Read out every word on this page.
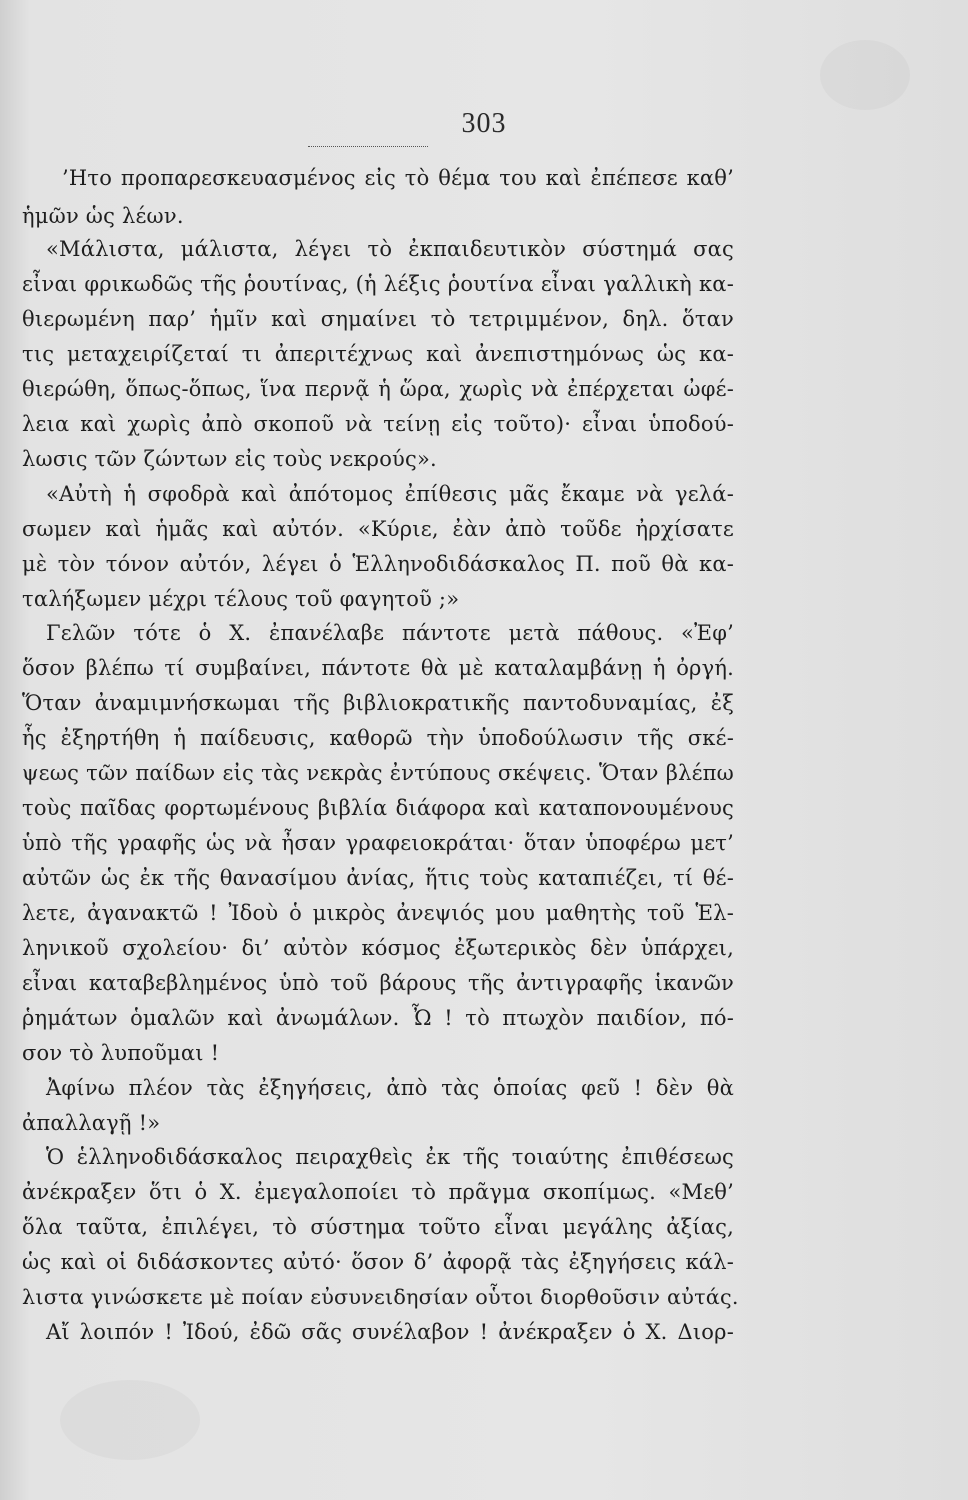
303
’Ητο προπαρεσκευασμένος εἰς τὸ θέμα του καὶ ἐπέπεσε καθ’
ἡμῶν ὡς λέων.
«Μάλιστα, μάλιστα, λέγει τὸ ἐκπαιδευτικὸν σύστημά σας
εἶναι φρικωδῶς τῆς ῥουτίνας, (ἡ λέξις ῥουτίνα εἶναι γαλλικὴ κα-
θιερωμένη παρ’ ἡμῖν καὶ σημαίνει τὸ τετριμμένον, δηλ. ὅταν
τις μεταχειρίζεταί τι ἀπεριτέχνως καὶ ἀνεπιστημόνως ὡς κα-
θιερώθη, ὅπως-ὅπως, ἵνα περνᾷ ἡ ὥρα, χωρὶς νὰ ἐπέρχεται ὠφέ-
λεια καὶ χωρὶς ἀπὸ σκοποῦ νὰ τείνῃ εἰς τοῦτο)· εἶναι ὑποδού-
λωσις τῶν ζώντων εἰς τοὺς νεκρούς».
«Αὐτὴ ἡ σφοδρὰ καὶ ἀπότομος ἐπίθεσις μᾶς ἔκαμε νὰ γελά-
σωμεν καὶ ἡμᾶς καὶ αὐτόν. «Κύριε, ἐὰν ἀπὸ τοῦδε ἠρχίσατε
μὲ τὸν τόνον αὐτόν, λέγει ὁ Ἑλληνοδιδάσκαλος Π. ποῦ θὰ κα-
ταλήξωμεν μέχρι τέλους τοῦ φαγητοῦ ;»
Γελῶν τότε ὁ Χ. ἐπανέλαβε πάντοτε μετὰ πάθους. «Ἐφ’
ὅσον βλέπω τί συμβαίνει, πάντοτε θὰ μὲ καταλαμβάνῃ ἡ ὀργή.
Ὅταν ἀναμιμνήσκωμαι τῆς βιβλιοκρατικῆς παντοδυναμίας, ἐξ
ἧς ἐξηρτήθη ἡ παίδευσις, καθορῶ τὴν ὑποδούλωσιν τῆς σκέ-
ψεως τῶν παίδων εἰς τὰς νεκρὰς ἐντύπους σκέψεις. Ὅταν βλέπω
τοὺς παῖδας φορτωμένους βιβλία διάφορα καὶ καταπονουμένους
ὑπὸ τῆς γραφῆς ὡς νὰ ἦσαν γραφειοκράται· ὅταν ὑποφέρω μετ’
αὐτῶν ὡς ἐκ τῆς θανασίμου ἀνίας, ἥτις τοὺς καταπιέζει, τί θέ-
λετε, ἀγανακτῶ ! Ἰδοὺ ὁ μικρὸς ἀνεψιός μου μαθητὴς τοῦ Ἑλ-
ληνικοῦ σχολείου· δι’ αὐτὸν κόσμος ἐξωτερικὸς δὲν ὑπάρχει,
εἶναι καταβεβλημένος ὑπὸ τοῦ βάρους τῆς ἀντιγραφῆς ἱκανῶν
ῥημάτων ὁμαλῶν καὶ ἀνωμάλων. Ὦ ! τὸ πτωχὸν παιδίον, πό-
σον τὸ λυποῦμαι !
Ἀφίνω πλέον τὰς ἐξηγήσεις, ἀπὸ τὰς ὁποίας φεῦ ! δὲν θὰ
ἀπαλλαγῇ !»
Ὁ ἑλληνοδιδάσκαλος πειραχθεὶς ἐκ τῆς τοιαύτης ἐπιθέσεως
ἀνέκραξεν ὅτι ὁ Χ. ἐμεγαλοποίει τὸ πρᾶγμα σκοπίμως. «Μεθ’
ὅλα ταῦτα, ἐπιλέγει, τὸ σύστημα τοῦτο εἶναι μεγάλης ἀξίας,
ὡς καὶ οἱ διδάσκοντες αὐτό· ὅσον δ’ ἀφορᾷ τὰς ἐξηγήσεις κάλ-
λιστα γινώσκετε μὲ ποίαν εὐσυνειδησίαν οὗτοι διορθοῦσιν αὐτάς.
Αἴ λοιπόν ! Ἰδού, ἐδῶ σᾶς συνέλαβον ! ἀνέκραξεν ὁ Χ. Διορ-
